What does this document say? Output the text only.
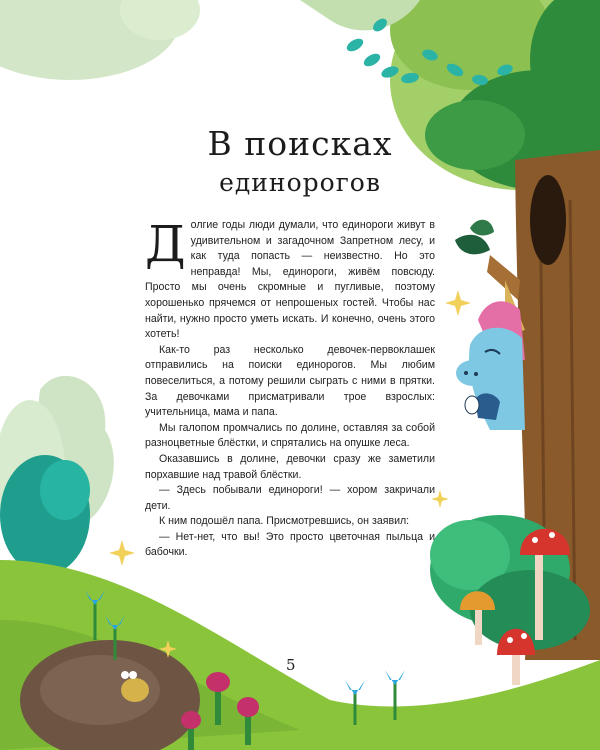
В поисках
единорогов

Долгие годы люди думали, что единороги живут в удивительном и загадочном Запретном лесу, и как туда попасть — неизвестно. Но это неправда! Мы, единороги, живём повсюду. Просто мы очень скромные и пугливые, поэтому хорошенько прячемся от непрошеных гостей. Чтобы нас найти, нужно просто уметь искать. И конечно, очень этого хотеть!

Как-то раз несколько девочек-первоклашек отправились на поиски единорогов. Мы любим повеселиться, а потому решили сыграть с ними в прятки. За девочками присматривали трое взрослых: учительница, мама и папа.

Мы галопом промчались по долине, оставляя за собой разноцветные блёстки, и спрятались на опушке леса.

Оказавшись в долине, девочки сразу же заметили порхавшие над травой блёстки.

— Здесь побывали единороги! — хором закричали дети.

К ним подошёл папа. Присмотревшись, он заявил:

— Нет-нет, что вы! Это просто цветочная пыльца и бабочки.

5
